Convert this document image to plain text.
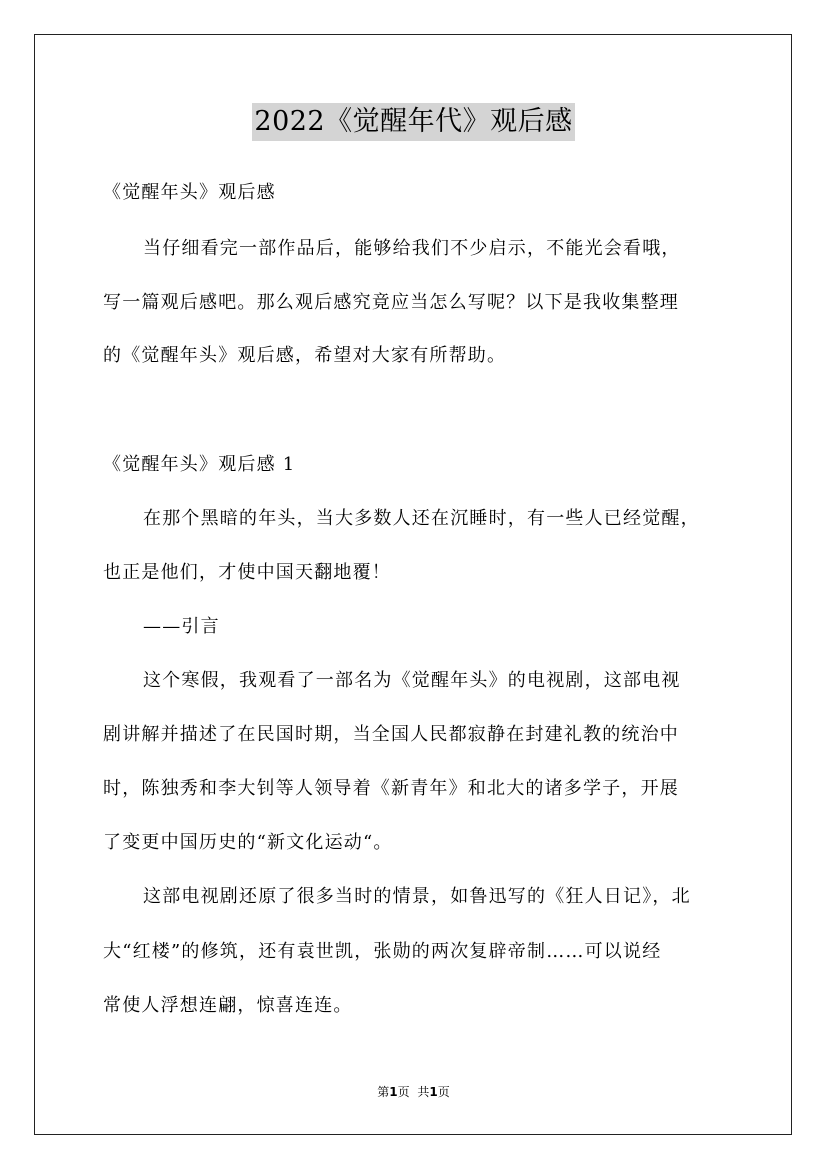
2022《觉醒年代》观后感
《觉醒年头》观后感
当仔细看完一部作品后，能够给我们不少启示，不能光会看哦，
写一篇观后感吧。那么观后感究竟应当怎么写呢？以下是我收集整理
的《觉醒年头》观后感，希望对大家有所帮助。
《觉醒年头》观后感 1
在那个黑暗的年头，当大多数人还在沉睡时，有一些人已经觉醒，
也正是他们，才使中国天翻地覆！
——引言
这个寒假，我观看了一部名为《觉醒年头》的电视剧，这部电视
剧讲解并描述了在民国时期，当全国人民都寂静在封建礼教的统治中
时，陈独秀和李大钊等人领导着《新青年》和北大的诸多学子，开展
了变更中国历史的“新文化运动“。
这部电视剧还原了很多当时的情景，如鲁迅写的《狂人日记》，北
大“红楼”的修筑，还有袁世凯，张勋的两次复辟帝制……可以说经
常使人浮想连翩，惊喜连连。
第1页 共1页
